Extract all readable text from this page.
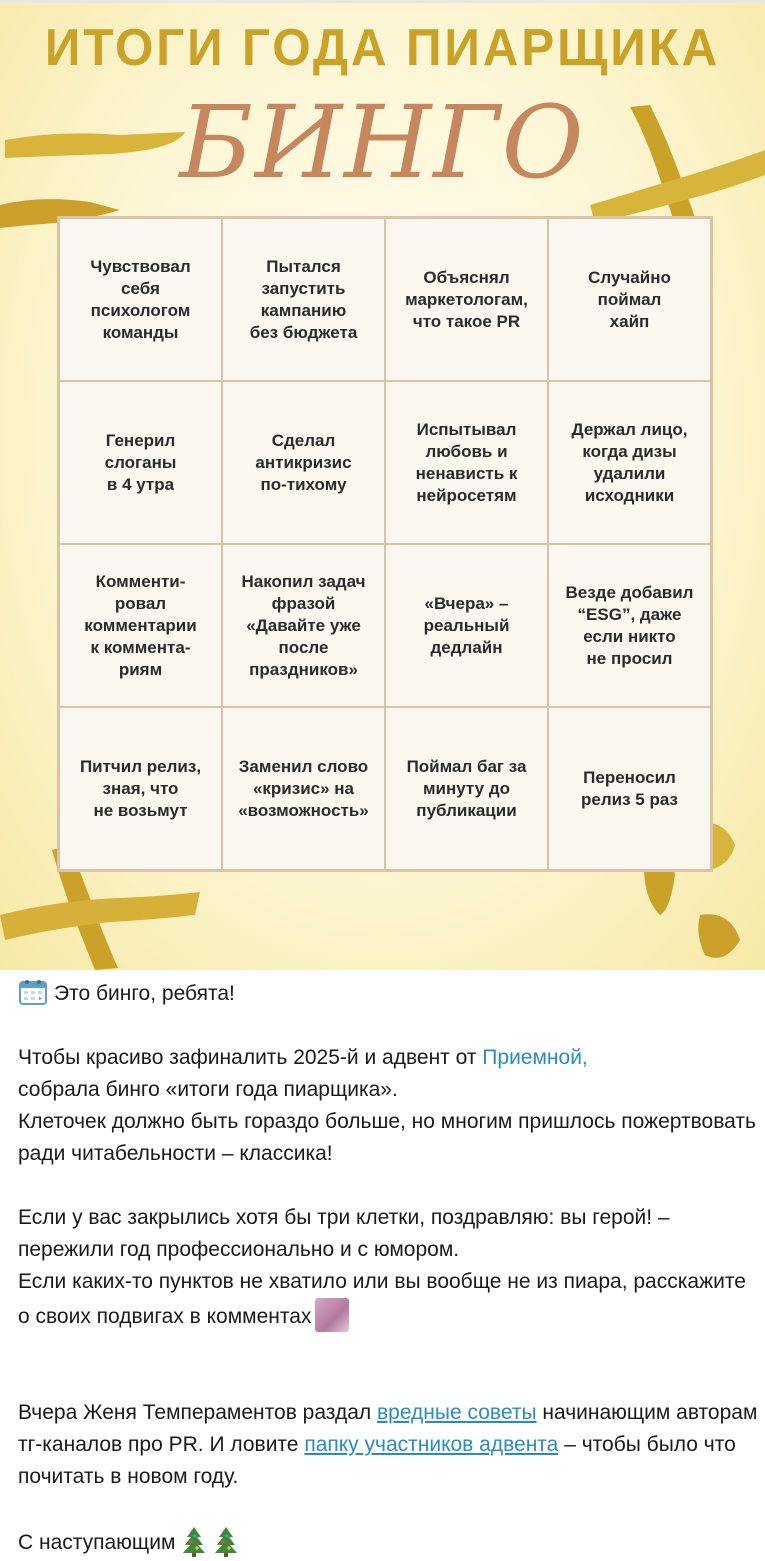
ИТОГИ ГОДА ПИАРЩИКА
БИНГО
Чувствовал
себя
психологом
команды
Пытался
запустить
кампанию
без бюджета
Объяснял
маркетологам,
что такое PR
Случайно
поймал
хайп
Генерил
слоганы
в 4 утра
Сделал
антикризис
по-тихому
Испытывал
любовь и
ненависть к
нейросетям
Держал лицо,
когда дизы
удалили
исходники
Комменти-
ровал
комментарии
к коммента-
риям
Накопил задач
фразой
«Давайте уже
после
праздников»
«Вчера» –
реальный
дедлайн
Везде добавил
“ESG”, даже
если никто
не просил
Питчил релиз,
зная, что
не возьмут
Заменил слово
«кризис» на
«возможность»
Поймал баг за
минуту до
публикации
Переносил
релиз 5 раз

Это бинго, ребята!

Чтобы красиво зафиналить 2025-й и адвент от Приемной,
собрала бинго «итоги года пиарщика».
Клеточек должно быть гораздо больше, но многим пришлось пожертвовать ради читабельности – классика!

Если у вас закрылись хотя бы три клетки, поздравляю: вы герой! – пережили год профессионально и с юмором.
Если каких-то пунктов не хватило или вы вообще не из пиара, расскажите о своих подвигах в комментах

Вчера Женя Темпераментов раздал вредные советы начинающим авторам тг-каналов про PR. И ловите папку участников адвента – чтобы было что почитать в новом году.

С наступающим
